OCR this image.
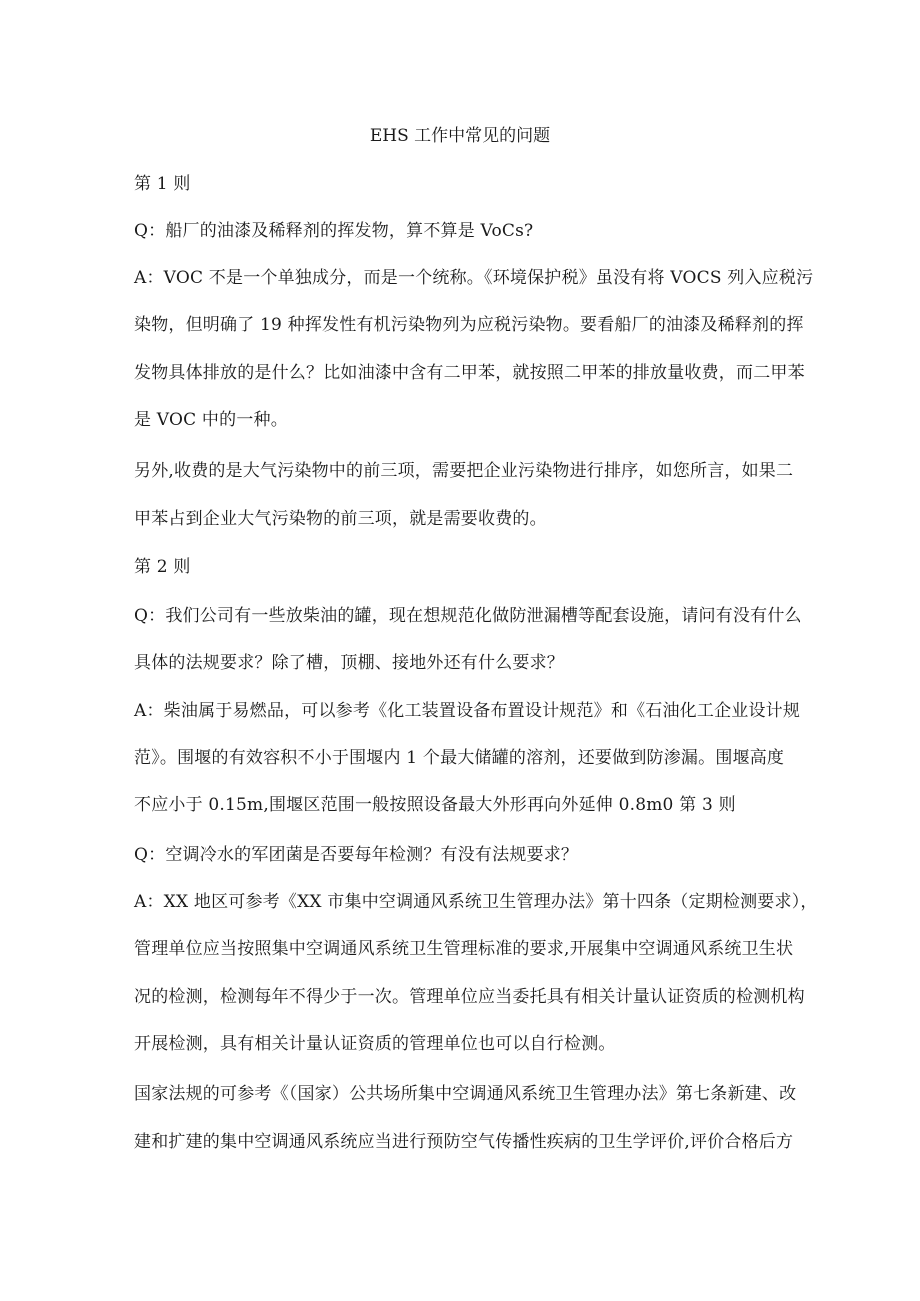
EHS 工作中常见的问题
第 1 则
Q：船厂的油漆及稀释剂的挥发物，算不算是 VoCs?
A：VOC 不是一个单独成分，而是一个统称。《环境保护税》虽没有将 VOCS 列入应税污
染物，但明确了 19 种挥发性有机污染物列为应税污染物。要看船厂的油漆及稀释剂的挥
发物具体排放的是什么？比如油漆中含有二甲苯，就按照二甲苯的排放量收费，而二甲苯
是 VOC 中的一种。
另外,收费的是大气污染物中的前三项，需要把企业污染物进行排序，如您所言，如果二
甲苯占到企业大气污染物的前三项，就是需要收费的。
第 2 则
Q：我们公司有一些放柴油的罐，现在想规范化做防泄漏槽等配套设施，请问有没有什么
具体的法规要求？除了槽，顶棚、接地外还有什么要求？
A：柴油属于易燃品，可以参考《化工装置设备布置设计规范》和《石油化工企业设计规
范》。围堰的有效容积不小于围堰内 1 个最大储罐的溶剂，还要做到防渗漏。围堰高度
不应小于 0.15m,围堰区范围一般按照设备最大外形再向外延伸 0.8m0 第 3 则
Q：空调冷水的军团菌是否要每年检测？有没有法规要求？
A：XX 地区可参考《XX 市集中空调通风系统卫生管理办法》第十四条（定期检测要求），
管理单位应当按照集中空调通风系统卫生管理标准的要求,开展集中空调通风系统卫生状
况的检测，检测每年不得少于一次。管理单位应当委托具有相关计量认证资质的检测机构
开展检测，具有相关计量认证资质的管理单位也可以自行检测。
国家法规的可参考《（国家）公共场所集中空调通风系统卫生管理办法》第七条新建、改
建和扩建的集中空调通风系统应当进行预防空气传播性疾病的卫生学评价,评价合格后方
